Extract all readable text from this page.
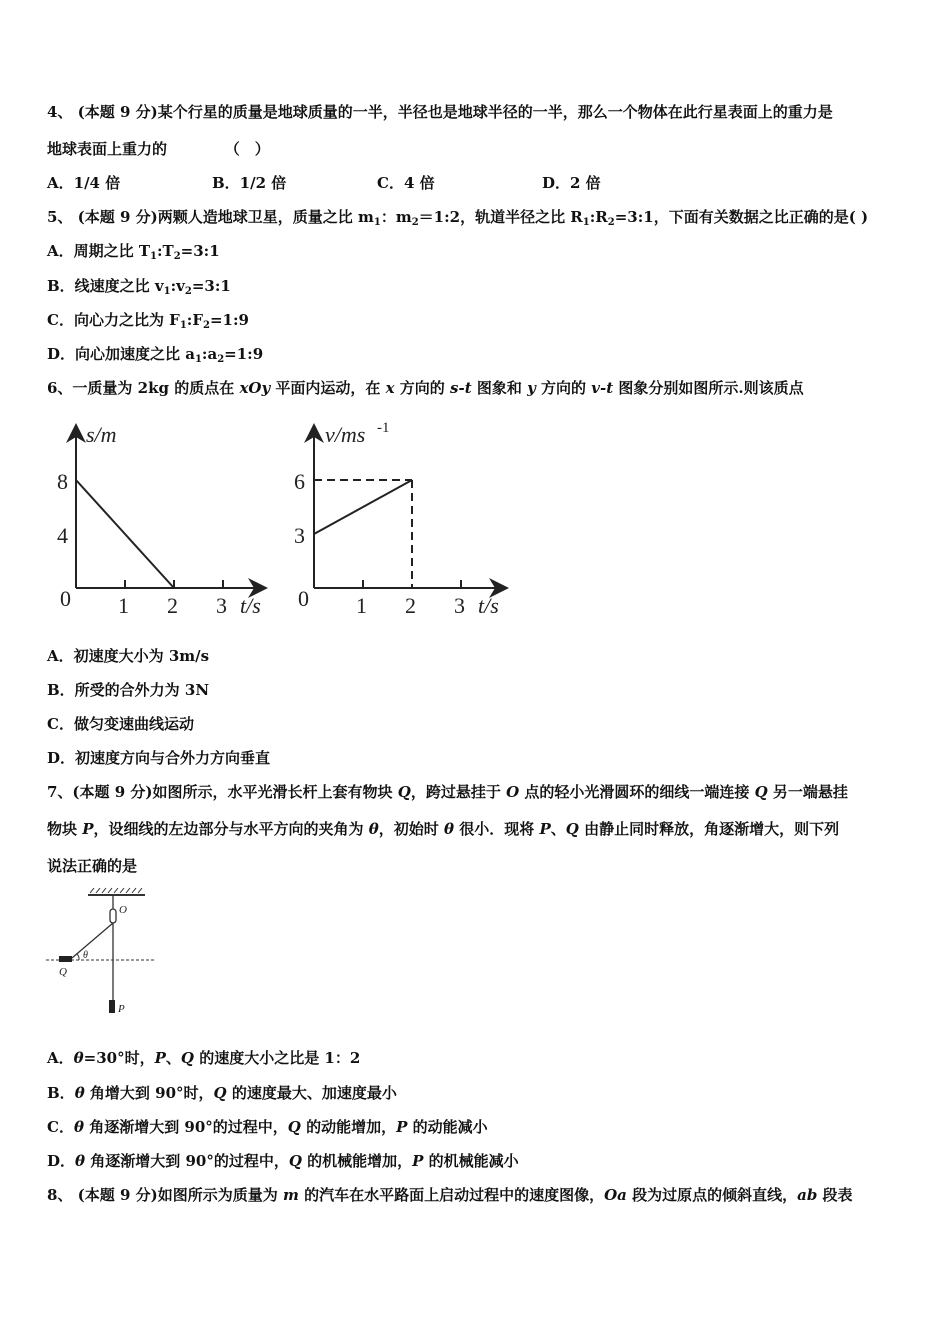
4、 (本题 9 分)某个行星的质量是地球质量的一半，半径也是地球半径的一半，那么一个物体在此行星表面上的重力是
地球表面上重力的 　　　　（　）
5、 (本题 9 分)两颗人造地球卫星，质量之比 $m_1$：$m_2=1:2$，轨道半径之比 $R_1:R_2=3:1$，下面有关数据之比正确的是( )
A．周期之比 $T_1:T_2=3:1$
B．线速度之比 $v_1:v_2=3:1$
C．向心力之比为 $F_1:F_2=1:9$
D．向心加速度之比 $a_1:a_2=1:9$
6、一质量为 2kg 的质点在 xOy 平面内运动，在 x 方向的 s-t 图象和 y 方向的 v-t 图象分别如图所示.则该质点
A．初速度大小为 3m/s
B．所受的合外力为 3N
C．做匀变速曲线运动
D．初速度方向与合外力方向垂直
7、(本题 9 分)如图所示，水平光滑长杆上套有物块 Q，跨过悬挂于 O 点的轻小光滑圆环的细线一端连接 Q 另一端悬挂
物块 P，设细线的左边部分与水平方向的夹角为 θ，初始时 θ 很小．现将 P、Q 由静止同时释放，角逐渐增大，则下列
说法正确的是
A．θ=30°时，P、Q 的速度大小之比是 1：2
B．θ 角增大到 90°时，Q 的速度最大、加速度最小
C．θ 角逐渐增大到 90°的过程中，Q 的动能增加，P 的动能减小
D．θ 角逐渐增大到 90°的过程中，Q 的机械能增加，P 的机械能减小
8、 (本题 9 分)如图所示为质量为 m 的汽车在水平路面上启动过程中的速度图像，Oa 段为过原点的倾斜直线，ab 段表
A．1/4 倍	B．1/2 倍	C．4 倍	D．2 倍
s/m
8
4
0 1 2 3 t/s
v/ms -1
6
3
0 1 2 3 t/s
O
θ
Q
P
